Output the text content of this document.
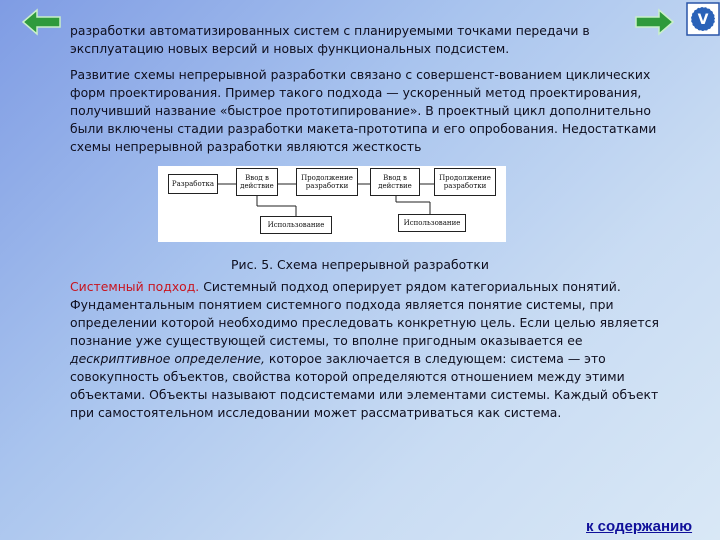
V
разработки автоматизированных систем с планируемыми точками передачи в эксплуатацию новых версий и новых функциональных подсистем.
Развитие схемы непрерывной разработки связано с совершенст-вованием циклических форм проектирования. Пример такого подхода — ускоренный метод проектирования, получивший название «быстрое прототипирование». В проектный цикл дополнительно были включены стадии разработки макета-прототипа и его опробования. Недостатками схемы непрерывной разработки являются жесткость
Разработка
Ввод в действие
Продолжение разработки
Ввод в действие
Продолжение разработки
Использование	Использование
Рис. 5. Схема непрерывной разработки
Системный подход. Системный подход оперирует рядом категориальных понятий. Фундаментальным понятием системного подхода является понятие системы, при определении которой необходимо преследовать конкретную цель. Если целью является познание уже существующей системы, то вполне пригодным оказывается ее дескриптивное определение, которое заключается в следующем: система — это совокупность объектов, свойства которой определяются отношением между этими объектами. Объекты называют подсистемами или элементами системы. Каждый объект при самостоятельном исследовании может рассматриваться как система.
к содержанию
